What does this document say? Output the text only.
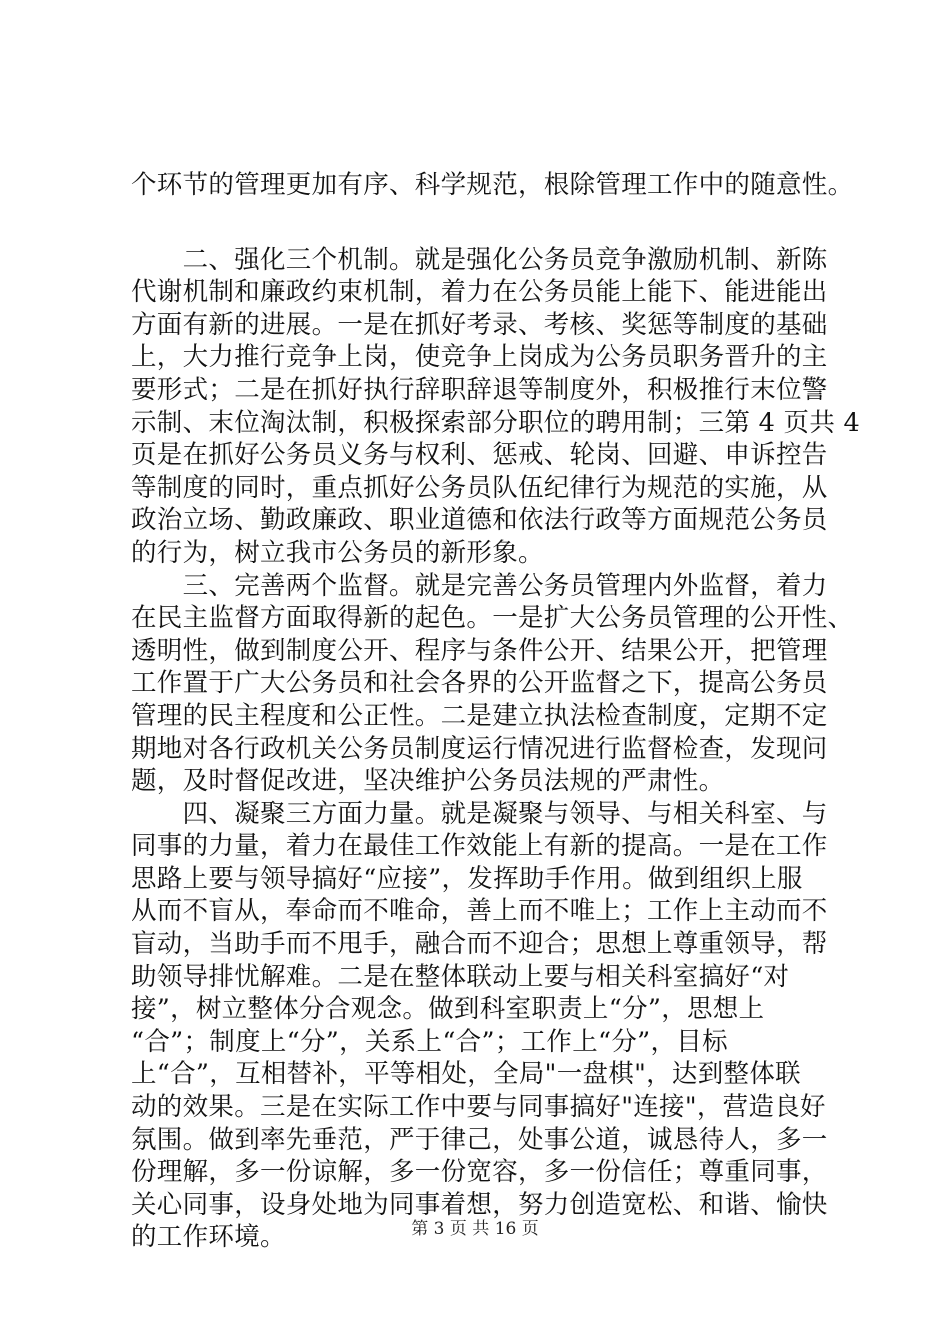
个环节的管理更加有序、科学规范，根除管理工作中的随意性。
　　二、强化三个机制。就是强化公务员竞争激励机制、新陈
代谢机制和廉政约束机制，着力在公务员能上能下、能进能出
方面有新的进展。一是在抓好考录、考核、奖惩等制度的基础
上，大力推行竞争上岗，使竞争上岗成为公务员职务晋升的主
要形式；二是在抓好执行辞职辞退等制度外，积极推行末位警
示制、末位淘汰制，积极探索部分职位的聘用制；三第 4 页共 4
页是在抓好公务员义务与权利、惩戒、轮岗、回避、申诉控告
等制度的同时，重点抓好公务员队伍纪律行为规范的实施，从
政治立场、勤政廉政、职业道德和依法行政等方面规范公务员
的行为，树立我市公务员的新形象。
　　三、完善两个监督。就是完善公务员管理内外监督，着力
在民主监督方面取得新的起色。一是扩大公务员管理的公开性、
透明性，做到制度公开、程序与条件公开、结果公开，把管理
工作置于广大公务员和社会各界的公开监督之下，提高公务员
管理的民主程度和公正性。二是建立执法检查制度，定期不定
期地对各行政机关公务员制度运行情况进行监督检查，发现问
题，及时督促改进，坚决维护公务员法规的严肃性。
　　四、凝聚三方面力量。就是凝聚与领导、与相关科室、与
同事的力量，着力在最佳工作效能上有新的提高。一是在工作
思路上要与领导搞好“应接”，发挥助手作用。做到组织上服
从而不盲从，奉命而不唯命，善上而不唯上；工作上主动而不
盲动，当助手而不甩手，融合而不迎合；思想上尊重领导，帮
助领导排忧解难。二是在整体联动上要与相关科室搞好“对
接”，树立整体分合观念。做到科室职责上“分”，思想上
“合”；制度上“分”，关系上“合”；工作上“分”，目标
上“合”，互相替补，平等相处，全局"一盘棋"，达到整体联
动的效果。三是在实际工作中要与同事搞好"连接"，营造良好
氛围。做到率先垂范，严于律己，处事公道，诚恳待人，多一
份理解，多一份谅解，多一份宽容，多一份信任；尊重同事，
关心同事，设身处地为同事着想，努力创造宽松、和谐、愉快
的工作环境。	第 3 页 共 16 页
